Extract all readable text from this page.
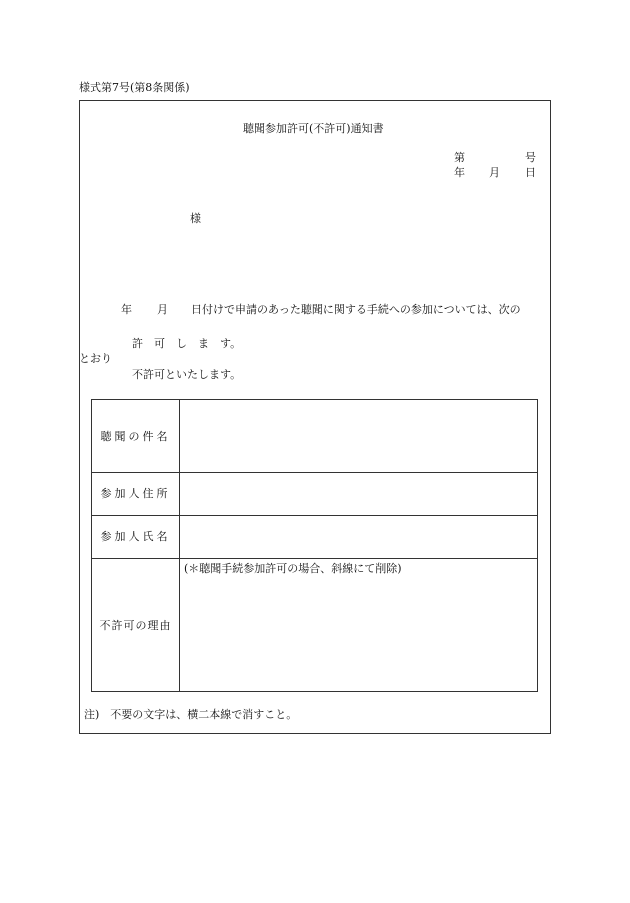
様式第7号(第8条関係)
聴聞参加許可(不許可)通知書
第	号
年 月 日
様
年 月 日付けで申請のあった聴聞に関する手続への参加については、次の
許　可　し　ま　す。
とおり
不許可といたします。
聴聞の件名
参加人住所
参加人氏名
不許可の理由
(＊聴聞手続参加許可の場合、斜線にて削除)
注)　不要の文字は、横二本線で消すこと。
